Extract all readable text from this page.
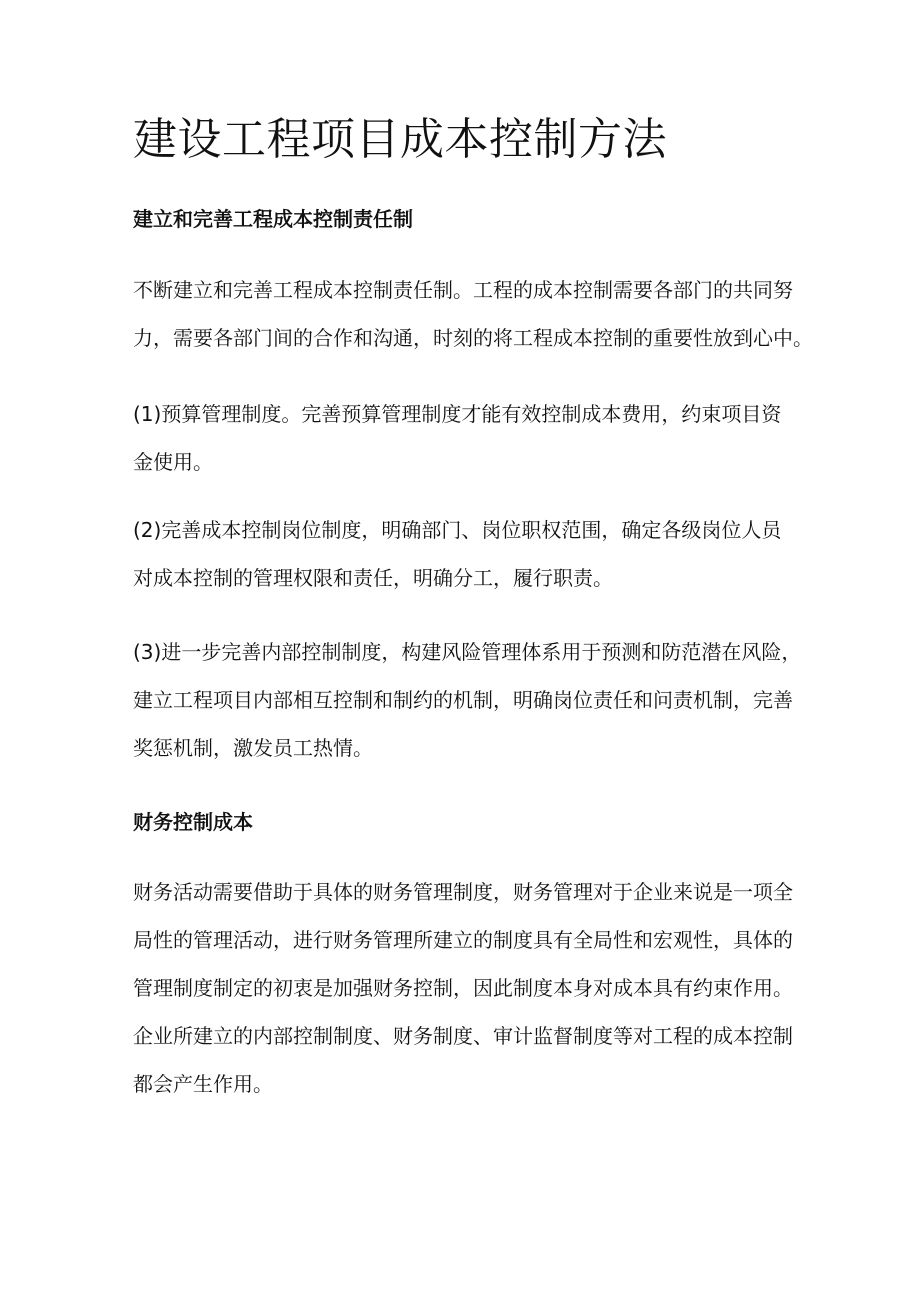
建设工程项目成本控制方法
建立和完善工程成本控制责任制
不断建立和完善工程成本控制责任制。工程的成本控制需要各部门的共同努
力，需要各部门间的合作和沟通，时刻的将工程成本控制的重要性放到心中。
(1)预算管理制度。完善预算管理制度才能有效控制成本费用，约束项目资
金使用。
(2)完善成本控制岗位制度，明确部门、岗位职权范围，确定各级岗位人员
对成本控制的管理权限和责任，明确分工，履行职责。
(3)进一步完善内部控制制度，构建风险管理体系用于预测和防范潜在风险，
建立工程项目内部相互控制和制约的机制，明确岗位责任和问责机制，完善
奖惩机制，激发员工热情。
财务控制成本
财务活动需要借助于具体的财务管理制度，财务管理对于企业来说是一项全
局性的管理活动，进行财务管理所建立的制度具有全局性和宏观性，具体的
管理制度制定的初衷是加强财务控制，因此制度本身对成本具有约束作用。
企业所建立的内部控制制度、财务制度、审计监督制度等对工程的成本控制
都会产生作用。
